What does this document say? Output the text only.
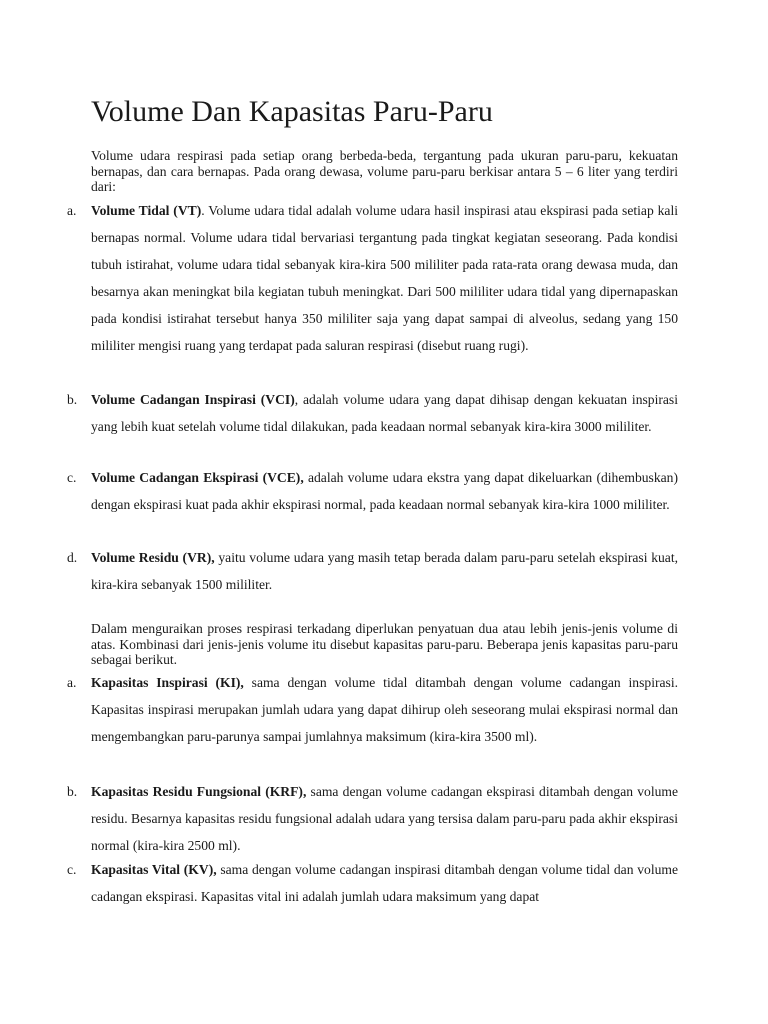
Volume Dan Kapasitas Paru-Paru

Volume udara respirasi pada setiap orang berbeda-beda, tergantung pada ukuran paru-paru, kekuatan bernapas, dan cara bernapas. Pada orang dewasa, volume paru-paru berkisar antara 5 – 6 liter yang terdiri dari:

a. Volume Tidal (VT). Volume udara tidal adalah volume udara hasil inspirasi atau ekspirasi pada setiap kali bernapas normal. Volume udara tidal bervariasi tergantung pada tingkat kegiatan seseorang. Pada kondisi tubuh istirahat, volume udara tidal sebanyak kira-kira 500 mililiter pada rata-rata orang dewasa muda, dan besarnya akan meningkat bila kegiatan tubuh meningkat. Dari 500 mililiter udara tidal yang dipernapaskan pada kondisi istirahat tersebut hanya 350 mililiter saja yang dapat sampai di alveolus, sedang yang 150 mililiter mengisi ruang yang terdapat pada saluran respirasi (disebut ruang rugi).
b. Volume Cadangan Inspirasi (VCI), adalah volume udara yang dapat dihisap dengan kekuatan inspirasi yang lebih kuat setelah volume tidal dilakukan, pada keadaan normal sebanyak kira-kira 3000 mililiter.
c. Volume Cadangan Ekspirasi (VCE), adalah volume udara ekstra yang dapat dikeluarkan (dihembuskan) dengan ekspirasi kuat pada akhir ekspirasi normal, pada keadaan normal sebanyak kira-kira 1000 mililiter.
d. Volume Residu (VR), yaitu volume udara yang masih tetap berada dalam paru-paru setelah ekspirasi kuat, kira-kira sebanyak 1500 mililiter.

Dalam menguraikan proses respirasi terkadang diperlukan penyatuan dua atau lebih jenis-jenis volume di atas. Kombinasi dari jenis-jenis volume itu disebut kapasitas paru-paru. Beberapa jenis kapasitas paru-paru sebagai berikut.

a. Kapasitas Inspirasi (KI), sama dengan volume tidal ditambah dengan volume cadangan inspirasi. Kapasitas inspirasi merupakan jumlah udara yang dapat dihirup oleh seseorang mulai ekspirasi normal dan mengembangkan paru-parunya sampai jumlahnya maksimum (kira-kira 3500 ml).
b. Kapasitas Residu Fungsional (KRF), sama dengan volume cadangan ekspirasi ditambah dengan volume residu. Besarnya kapasitas residu fungsional adalah udara yang tersisa dalam paru-paru pada akhir ekspirasi normal (kira-kira 2500 ml).
c. Kapasitas Vital (KV), sama dengan volume cadangan inspirasi ditambah dengan volume tidal dan volume cadangan ekspirasi. Kapasitas vital ini adalah jumlah udara maksimum yang dapat
